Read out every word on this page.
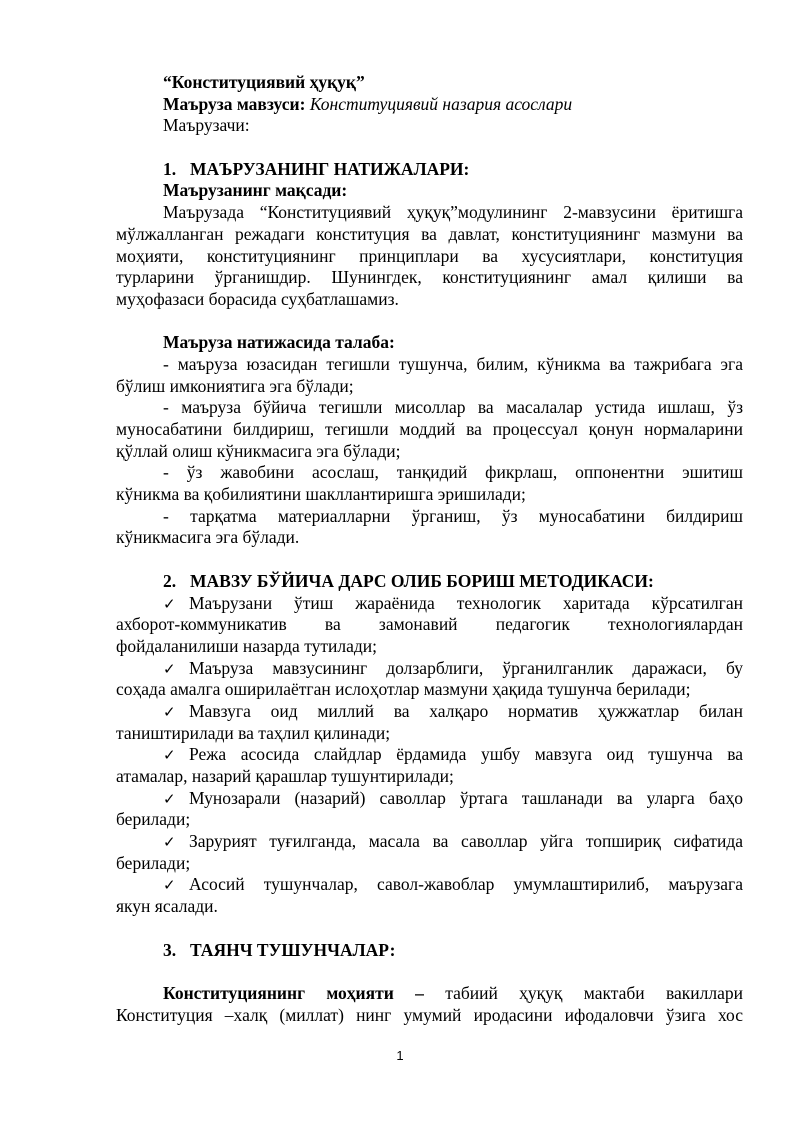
“Конституциявий ҳуқуқ”
Маъруза мавзуси: Конституциявий назария асослари
Маърузачи:
1. МАЪРУЗАНИНГ НАТИЖАЛАРИ:
Маърузанинг мақсади:
Маърузада “Конституциявий ҳуқуқ”модулининг 2-мавзусини ёритишга
мўлжалланган режадаги конституция ва давлат, конституциянинг мазмуни ва
моҳияти, конституциянинг принциплари ва хусусиятлари, конституция
турларини ўрганишдир. Шунингдек, конституциянинг амал қилиши ва
муҳофазаси борасида суҳбатлашамиз.
Маъруза натижасида талаба:
- маъруза юзасидан тегишли тушунча, билим, кўникма ва тажрибага эга
бўлиш имкониятига эга бўлади;
- маъруза бўйича тегишли мисоллар ва масалалар устида ишлаш, ўз
муносабатини билдириш, тегишли моддий ва процессуал қонун нормаларини
қўллай олиш кўникмасига эга бўлади;
- ўз жавобини асослаш, танқидий фикрлаш, оппонентни эшитиш
кўникма ва қобилиятини шакллантиришга эришилади;
- тарқатма материалларни ўрганиш, ўз муносабатини билдириш
кўникмасига эга бўлади.
2. МАВЗУ БЎЙИЧА ДАРС ОЛИБ БОРИШ МЕТОДИКАСИ:
✓ Маърузани ўтиш жараёнида технологик харитада кўрсатилган
ахборот-коммуникатив ва замонавий педагогик технологиялардан
фойдаланилиши назарда тутилади;
✓ Маъруза мавзусининг долзарблиги, ўрганилганлик даражаси, бу
соҳада амалга оширилаётган ислоҳотлар мазмуни ҳақида тушунча берилади;
✓ Мавзуга оид миллий ва халқаро норматив ҳужжатлар билан
таништирилади ва таҳлил қилинади;
✓ Режа асосида слайдлар ёрдамида ушбу мавзуга оид тушунча ва
атамалар, назарий қарашлар тушунтирилади;
✓ Мунозарали (назарий) саволлар ўртага ташланади ва уларга баҳо
берилади;
✓ Зарурият туғилганда, масала ва саволлар уйга топшириқ сифатида
берилади;
✓ Асосий тушунчалар, савол-жавоблар умумлаштирилиб, маърузага
якун ясалади.
3. ТАЯНЧ ТУШУНЧАЛАР:
Конституциянинг моҳияти – табиий ҳуқуқ мактаби вакиллари
Конституция –халқ (миллат) нинг умумий иродасини ифодаловчи ўзига хос
1
